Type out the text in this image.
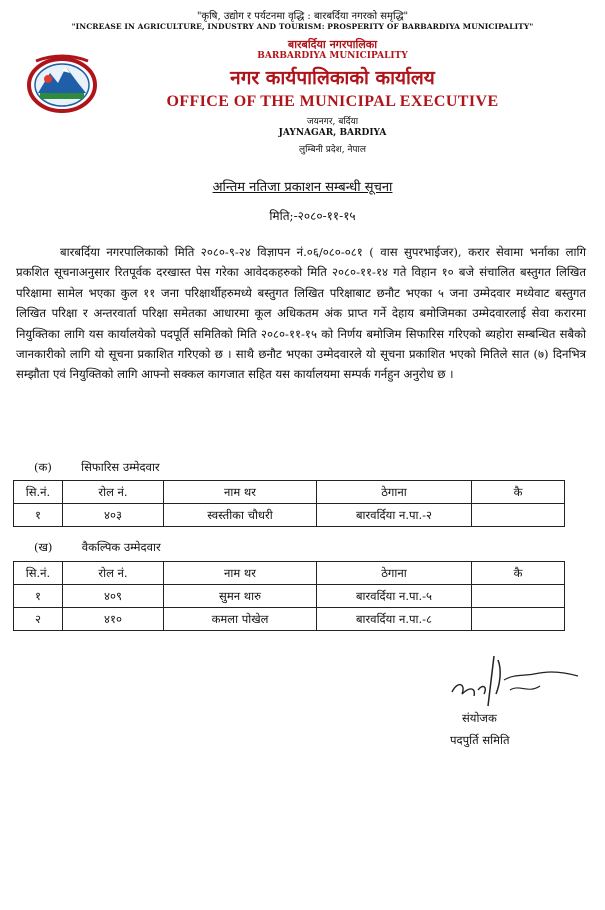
"कृषि, उद्योग र पर्यटनमा वृद्धि : बारबर्दिया नगरको समृद्धि"
"INCREASE IN AGRICULTURE, INDUSTRY AND TOURISM: PROSPERITY OF BARBARDIYA MUNICIPALITY"
बारबर्दिया नगरपालिका
BARBARDIYA MUNICIPALITY
नगर कार्यपालिकाको कार्यालय
OFFICE OF THE MUNICIPAL EXECUTIVE
जयनगर, बर्दिया
JAYNAGAR, BARDIYA
लुम्बिनी प्रदेश, नेपाल
अन्तिम नतिजा प्रकाशन सम्बन्धी सूचना
मिति;-२०८०-११-१५
बारबर्दिया नगरपालिकाको मिति २०८०-९-२४ विज्ञापन नं.०६/०८०-०८१ ( वास सुपरभाईजर), करार सेवामा भर्नाका लागि प्रकशित सूचनाअनुसार रितपूर्वक दरखास्त पेस गरेका आवेदकहरुको मिति २०८०-११-१४ गते विहान १० बजे संचालित बस्तुगत लिखित परिक्षामा सामेल भएका कुल ११ जना परिक्षार्थीहरुमध्ये बस्तुगत लिखित परिक्षाबाट छनौट भएका ५ जना उम्मेदवार मध्येवाट बस्तुगत लिखित परिक्षा र अन्तरवार्ता परिक्षा समेतका आधारमा कूल अधिकतम अंक प्राप्त गर्ने देहाय बमोजिमका उम्मेदवारलाई सेवा करारमा नियुक्तिका लागि यस कार्यालयेको पदपूर्ति समितिको मिति २०८०-११-१५ को निर्णय बमोजिम सिफारिस गरिएको ब्यहोरा सम्बन्धित सबैको जानकारीको लागि यो सूचना प्रकाशित गरिएको छ । साथै छनौट भएका उम्मेदवारले यो सूचना प्रकाशित भएको मितिले सात (७) दिनभित्र सम्झौता एवं नियुक्तिको लागि आफ्नो सक्कल कागजात सहित यस कार्यालयमा सम्पर्क गर्नहुन अनुरोध छ ।
(क)	सिफारिस उम्मेदवार
सि.नं.	रोल नं.	नाम थर	ठेगाना	कै
१	४०३	स्वस्तीका चौधरी	बारवर्दिया न.पा.-२	
(ख)	वैकल्पिक उम्मेदवार
सि.नं.	रोल नं.	नाम थर	ठेगाना	कै
१	४०९	सुमन थारु	बारवर्दिया न.पा.-५	
२	४१०	कमला पोखेल	बारवर्दिया न.पा.-८	
संयोजक
पदपुर्ति समिति
